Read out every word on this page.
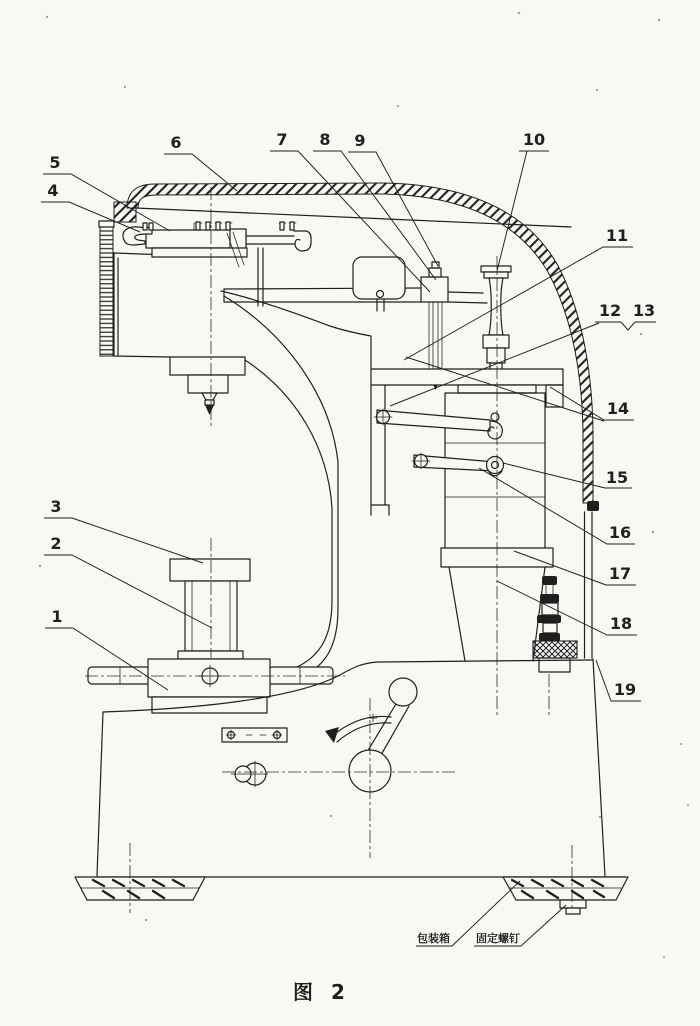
1
2
3
4
5
6	7 8 9	10
11
12 13
14
15
16
17
18
19
包装箱 固定螺钉
图 2
